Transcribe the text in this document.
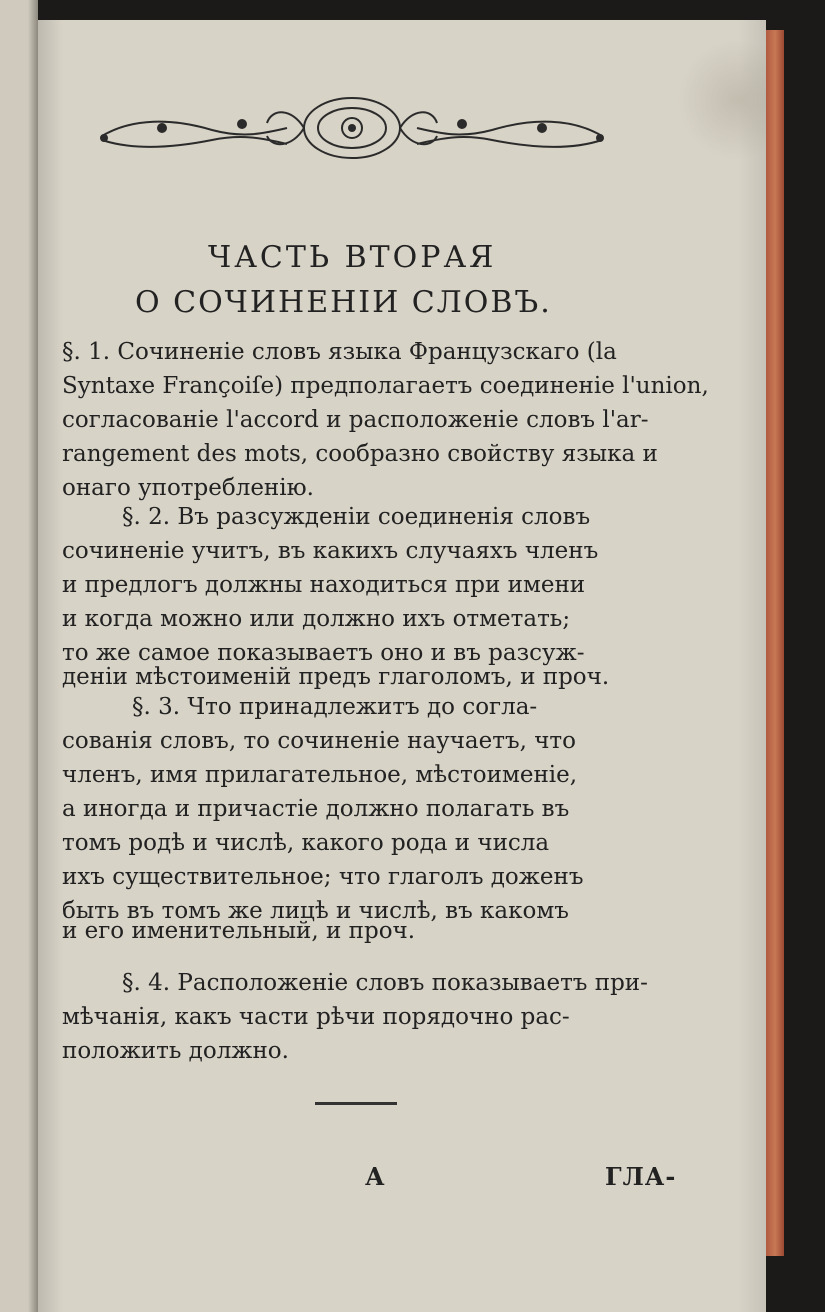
ЧАСТЬ ВТОРАЯ
О СОЧИНЕНIИ СЛОВЪ.
§. 1. Сочиненiе словъ языка Французскаго (la
Syntaxe Françoiſe) предполагаетъ соединенiе l'union,
согласованiе l'accord и расположенiе словъ l'ar-
rangement des mots, сообразно свойству языка и
онаго употребленiю.
§. 2. Въ разсужденiи соединенiя словъ
сочиненiе учитъ, въ какихъ случаяхъ членъ
и предлогъ должны находиться при имени
и когда можно или должно ихъ отметать;
то же самое показываетъ оно и въ разсуж-
денiи мѣстоименiй предъ глаголомъ, и проч.
§. 3. Что принадлежитъ до согла-
сованiя словъ, то сочиненiе научаетъ, что
членъ, имя прилагательное, мѣстоименiе,
а иногда и причастiе должно полагать въ
томъ родѣ и числѣ, какого рода и числа
ихъ существительное; что глаголъ доженъ
быть въ томъ же лицѣ и числѣ, въ какомъ
и его именительный, и проч.
§. 4. Расположенiе словъ показываетъ при-
мѣчанiя, какъ части рѣчи порядочно рас-
положить должно.
А	ГЛА-
